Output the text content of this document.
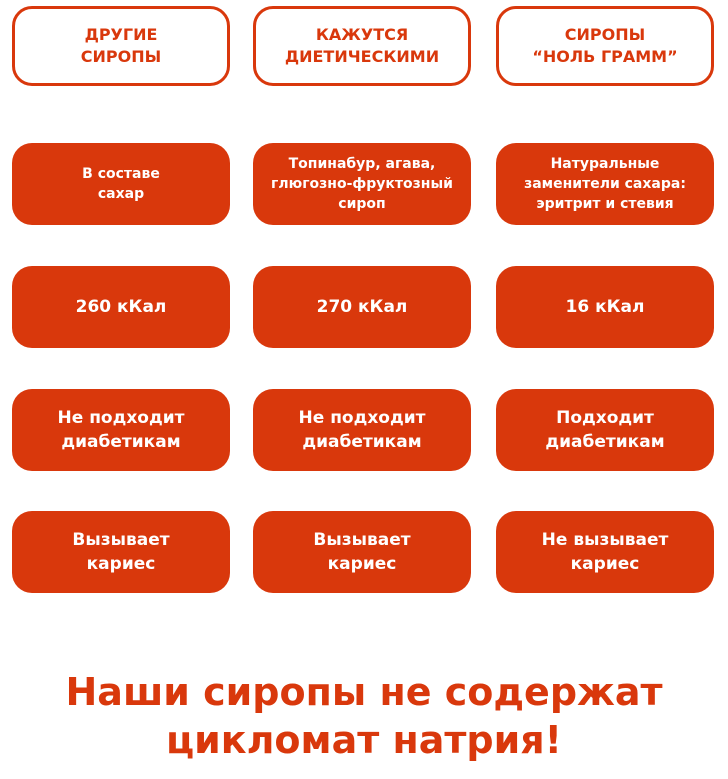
ДРУГИЕ
СИРОПЫ
КАЖУТСЯ
ДИЕТИЧЕСКИМИ
СИРОПЫ
“НОЛЬ ГРАММ”
В составе
сахар
Топинабур, агава,
глюгозно-фруктозный
сироп
Натуральные
заменители сахара:
эритрит и стевия
260 кКал	270 кКал	16 кКал
Не подходит
диабетикам
Не подходит
диабетикам
Подходит
диабетикам
Вызывает
кариес
Вызывает
кариес
Не вызывает
кариес
Наши сиропы не содержат
цикломат натрия!
